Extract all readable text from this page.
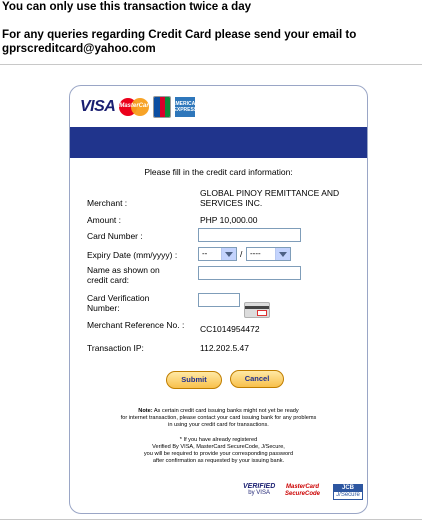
You can only use this transaction twice a day

For any queries regarding Credit Card please send your email to

gprscreditcard@yahoo.com

VISA MasterCard	AMERICAN EXPRESS
Please fill in the credit card information:
Merchant :
GLOBAL PINOY REMITTANCE AND
SERVICES INC.
Amount :	PHP 10,000.00
Card Number :
Expiry Date (mm/yyyy) :	--	/ ----
Name as shown on
credit card:
Card Verification
Number:
Merchant Reference No. : CC1014954472
Transaction IP:	112.202.5.47
Submit	Cancel
Note: As certain credit card issuing banks might not yet be ready
for internet transaction, please contact your card issuing bank for any problems
in using your credit card for transactions.
* If you have already registered
Verified By VISA, MasterCard SecureCode, J/Secure,
you will be required to provide your corresponding password
after confirmation as requested by your issuing bank.
VERIFIED
by VISA
MasterCard
SecureCode
JCB
J/Secure
